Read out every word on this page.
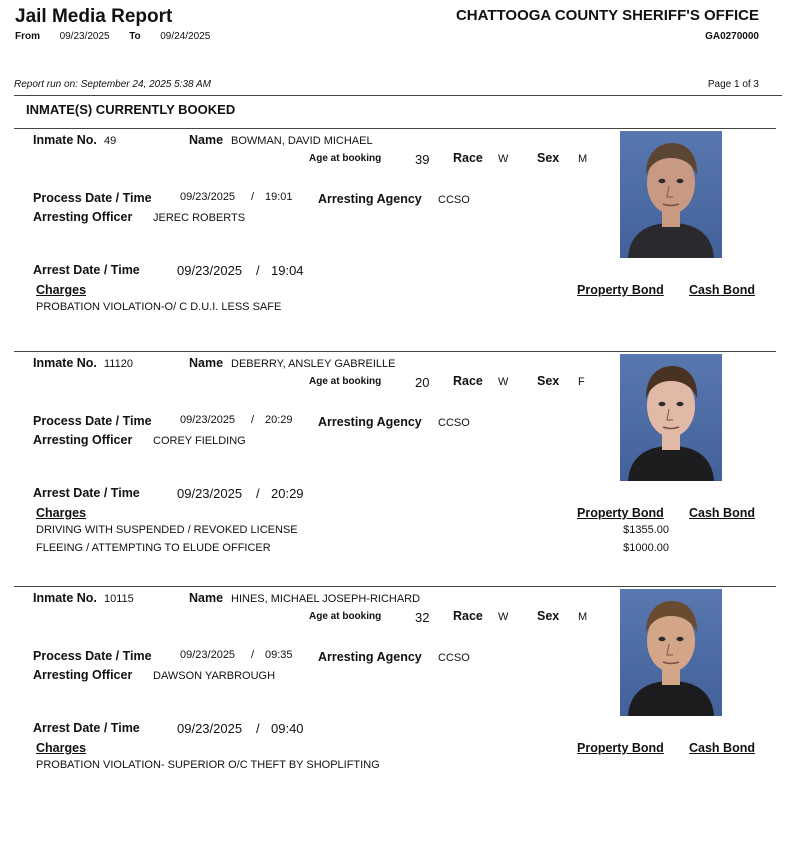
Jail Media Report	CHATTOOGA COUNTY SHERIFF'S OFFICE
GA0270000
From 09/23/2025 To 09/24/2025
Report run on: September 24, 2025 5:38 AM	Page 1 of 3
INMATE(S) CURRENTLY BOOKED
Inmate No. 49	Name BOWMAN, DAVID MICHAEL
Age at booking	39 Race W Sex M
Process Date / Time	09/23/2025 / 19:01 Arresting Agency CCSO
Arresting Officer JEREC ROBERTS
Arrest Date / Time	09/23/2025 / 19:04
Charges	Property Bond Cash Bond
PROBATION VIOLATION-O/ C D.U.I. LESS SAFE
Inmate No. 11120	Name DEBERRY, ANSLEY GABREILLE
Age at booking	20 Race W Sex F
Process Date / Time	09/23/2025 / 20:29 Arresting Agency CCSO
Arresting Officer COREY FIELDING
Arrest Date / Time	09/23/2025 / 20:29
Charges	Property Bond Cash Bond
DRIVING WITH SUSPENDED / REVOKED LICENSE	$1355.00
FLEEING / ATTEMPTING TO ELUDE OFFICER	$1000.00
Inmate No. 10115	Name HINES, MICHAEL JOSEPH-RICHARD
Age at booking	32 Race W Sex M
Process Date / Time	09/23/2025 / 09:35 Arresting Agency CCSO
Arresting Officer DAWSON YARBROUGH
Arrest Date / Time	09/23/2025 / 09:40
Charges	Property Bond Cash Bond
PROBATION VIOLATION- SUPERIOR O/C THEFT BY SHOPLIFTING
